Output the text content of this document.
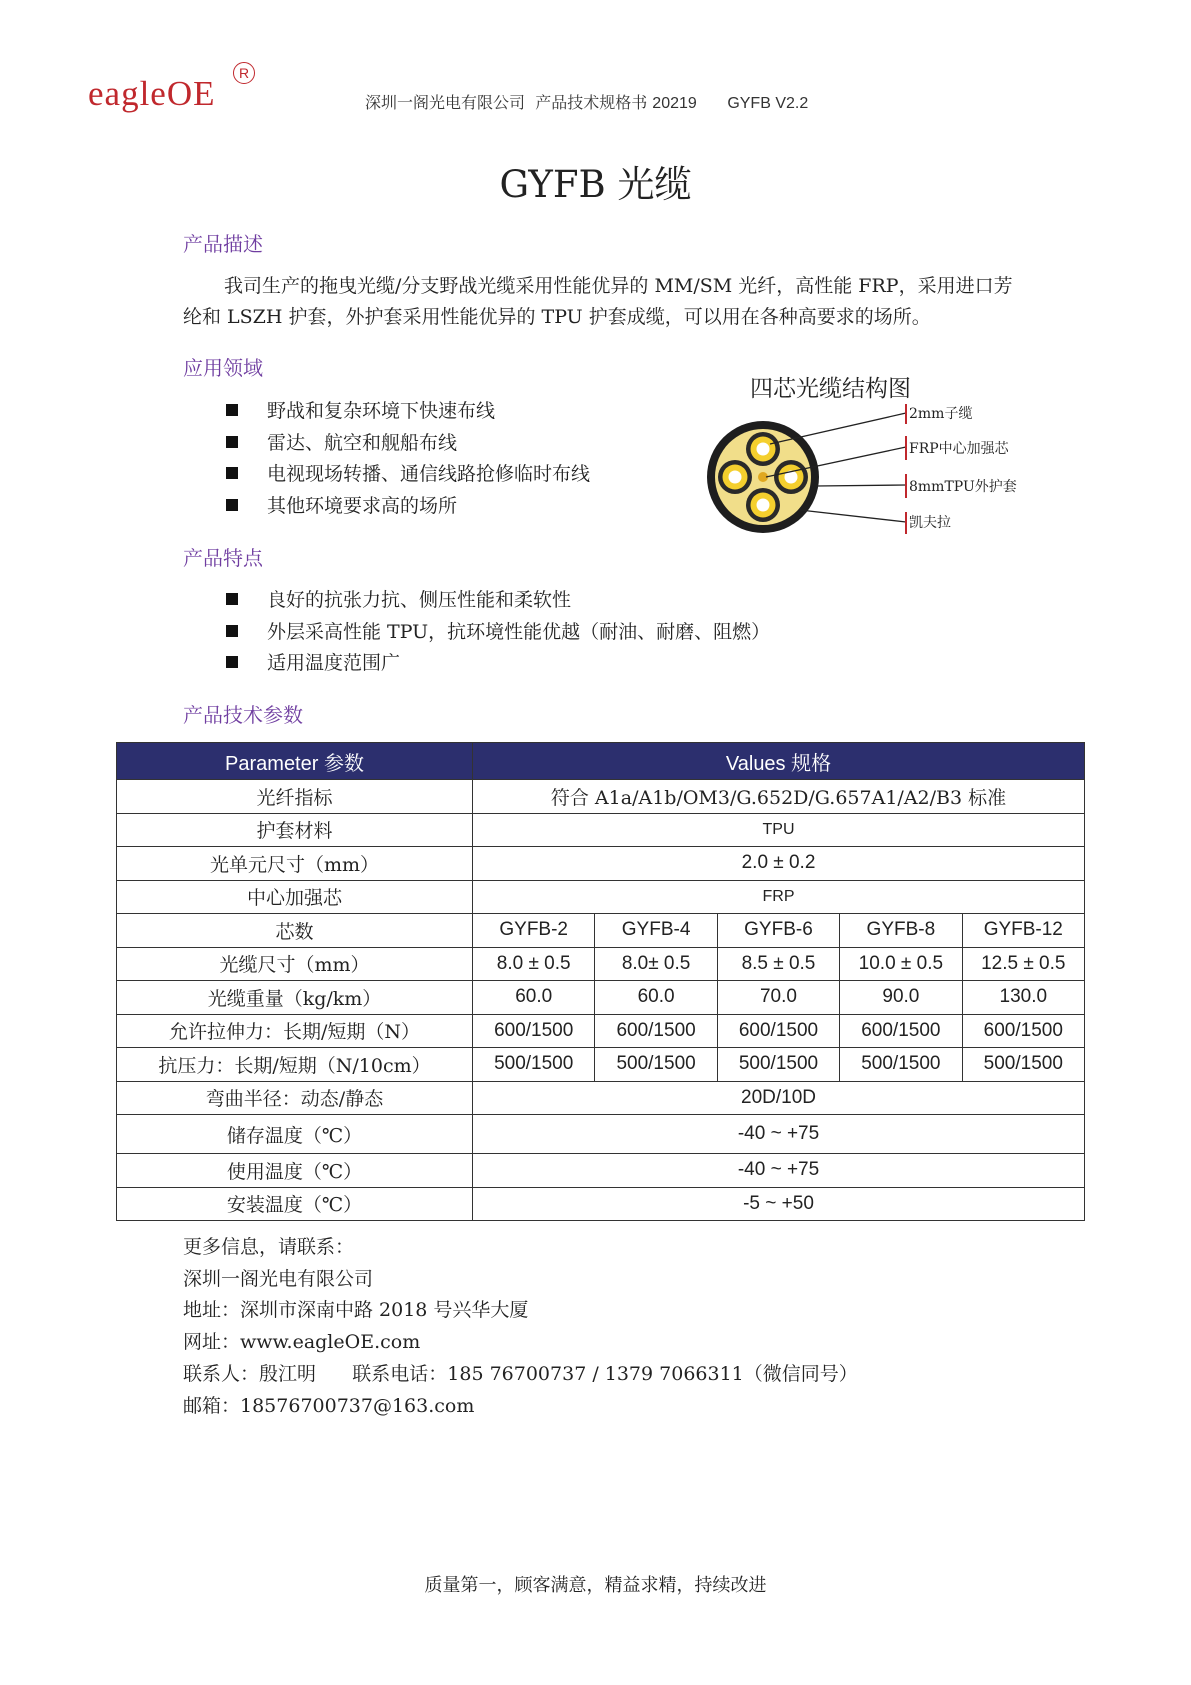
eagleOE
R
深圳一阁光电有限公司 产品技术规格书 20219 GYFB V2.2
GYFB 光缆
产品描述
我司生产的拖曳光缆/分支野战光缆采用性能优异的 MM/SM 光纤，高性能 FRP，采用进口芳纶和 LSZH 护套，外护套采用性能优异的 TPU 护套成缆，可以用在各种高要求的场所。
应用领域
野战和复杂环境下快速布线
雷达、航空和舰船布线
电视现场转播、通信线路抢修临时布线
其他环境要求高的场所
四芯光缆结构图
2mm子缆
FRP中心加强芯
8mmTPU外护套
凯夫拉
产品特点
良好的抗张力抗、侧压性能和柔软性
外层采高性能 TPU，抗环境性能优越（耐油、耐磨、阻燃）
适用温度范围广
产品技术参数
Parameter 参数	Values 规格				
光纤指标	符合 A1a/A1b/OM3/G.652D/G.657A1/A2/B3 标准				
护套材料	TPU				
光单元尺寸（mm）	2.0 ± 0.2				
中心加强芯	FRP				
芯数	GYFB-2	GYFB-4	GYFB-6	GYFB-8	GYFB-12
光缆尺寸（mm）	8.0 ± 0.5	8.0± 0.5	8.5 ± 0.5	10.0 ± 0.5	12.5 ± 0.5
光缆重量（kg/km）	60.0	60.0	70.0	90.0	130.0
允许拉伸力：长期/短期（N）	600/1500	600/1500	600/1500	600/1500	600/1500
抗压力：长期/短期（N/10cm）	500/1500	500/1500	500/1500	500/1500	500/1500
弯曲半径：动态/静态	20D/10D				
储存温度（℃）	-40 ~ +75				
使用温度（℃）	-40 ~ +75				
安装温度（℃）	-5 ~ +50				
更多信息，请联系：
深圳一阁光电有限公司
地址：深圳市深南中路 2018 号兴华大厦
网址：www.eagleOE.com
联系人：殷江明 联系电话：185 76700737 / 1379 7066311（微信同号）
邮箱：18576700737@163.com
质量第一，顾客满意，精益求精，持续改进
